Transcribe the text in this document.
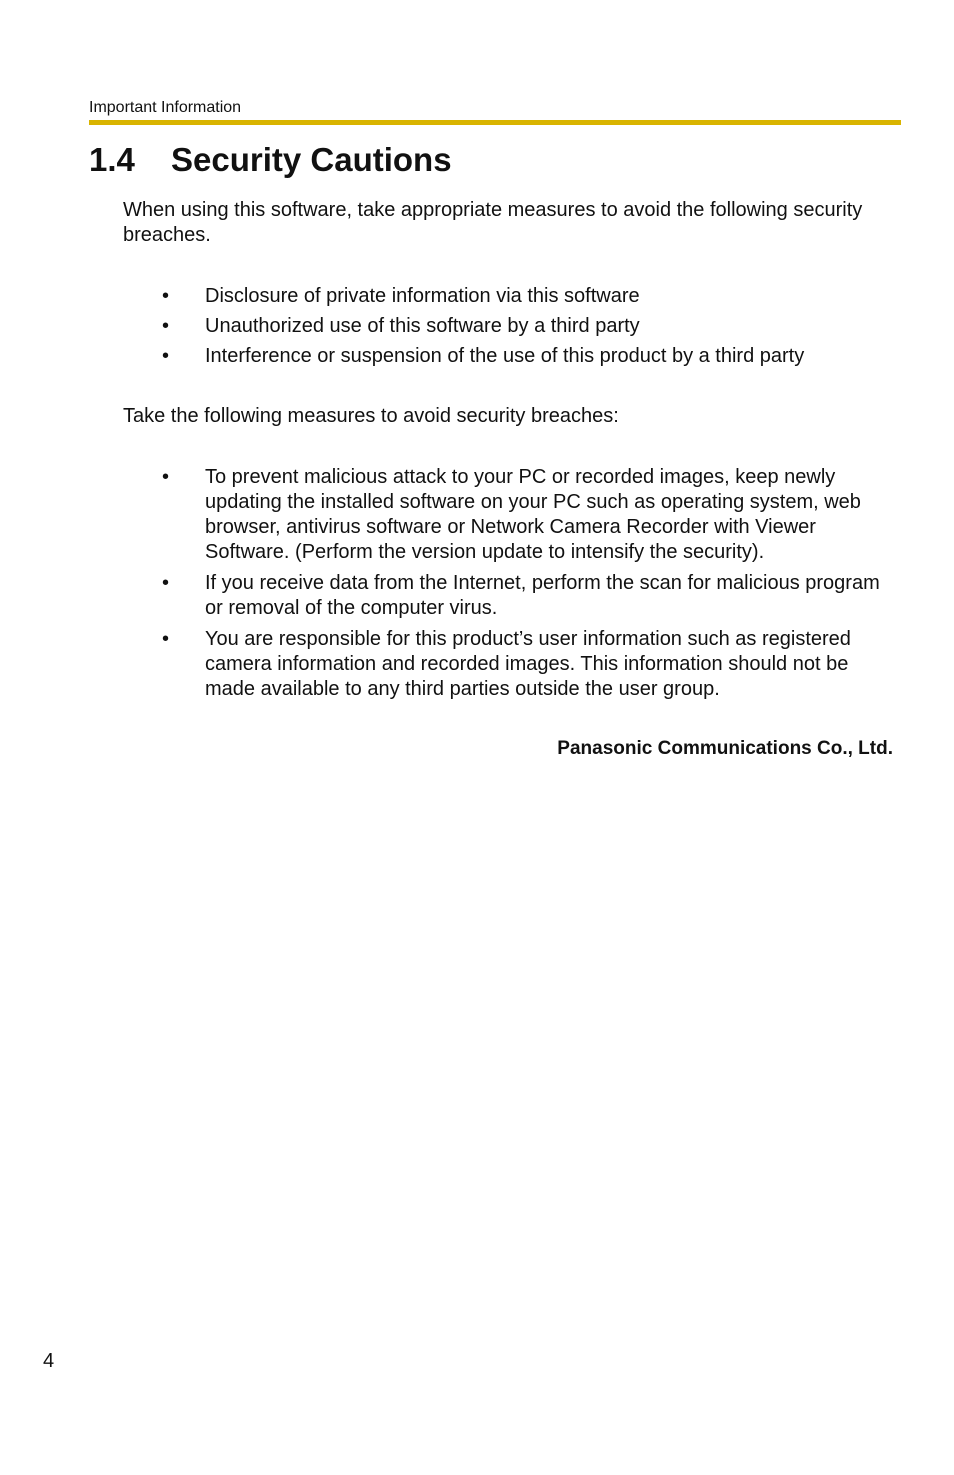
Important Information
1.4 Security Cautions

When using this software, take appropriate measures to avoid the following security breaches.

• Disclosure of private information via this software
• Unauthorized use of this software by a third party
• Interference or suspension of the use of this product by a third party

Take the following measures to avoid security breaches:

• To prevent malicious attack to your PC or recorded images, keep newly updating the installed software on your PC such as operating system, web browser, antivirus software or Network Camera Recorder with Viewer Software. (Perform the version update to intensify the security).
• If you receive data from the Internet, perform the scan for malicious program or removal of the computer virus.
• You are responsible for this product’s user information such as registered camera information and recorded images. This information should not be made available to any third parties outside the user group.

Panasonic Communications Co., Ltd.

4
